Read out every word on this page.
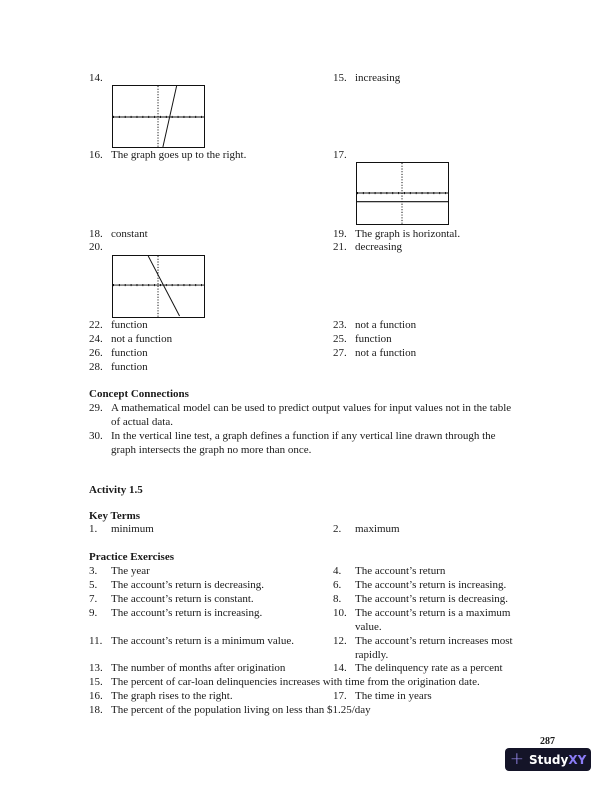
14.	15. increasing
16. The graph goes up to the right.	17.
18. constant	19. The graph is horizontal.
20.	21. decreasing
22. function	23. not a function
24. not a function	25. function
26. function	27. not a function
28. function
Concept Connections
29. A mathematical model can be used to predict output values for input values not in the table
of actual data.
30. In the vertical line test, a graph defines a function if any vertical line drawn through the
graph intersects the graph no more than once.
Activity 1.5
Key Terms
1. minimum	2. maximum
Practice Exercises
3. The year	4. The account’s return
5. The account’s return is decreasing.	6. The account’s return is increasing.
7. The account’s return is constant.	8. The account’s return is decreasing.
9. The account’s return is increasing.	10. The account’s return is a maximum
value.
11. The account’s return is a minimum value.	12. The account’s return increases most
rapidly.
13. The number of months after origination	14. The delinquency rate as a percent
15. The percent of car-loan delinquencies increases with time from the origination date.
16. The graph rises to the right.	17. The time in years
18. The percent of the population living on less than $1.25/day
287
+ StudyXY
